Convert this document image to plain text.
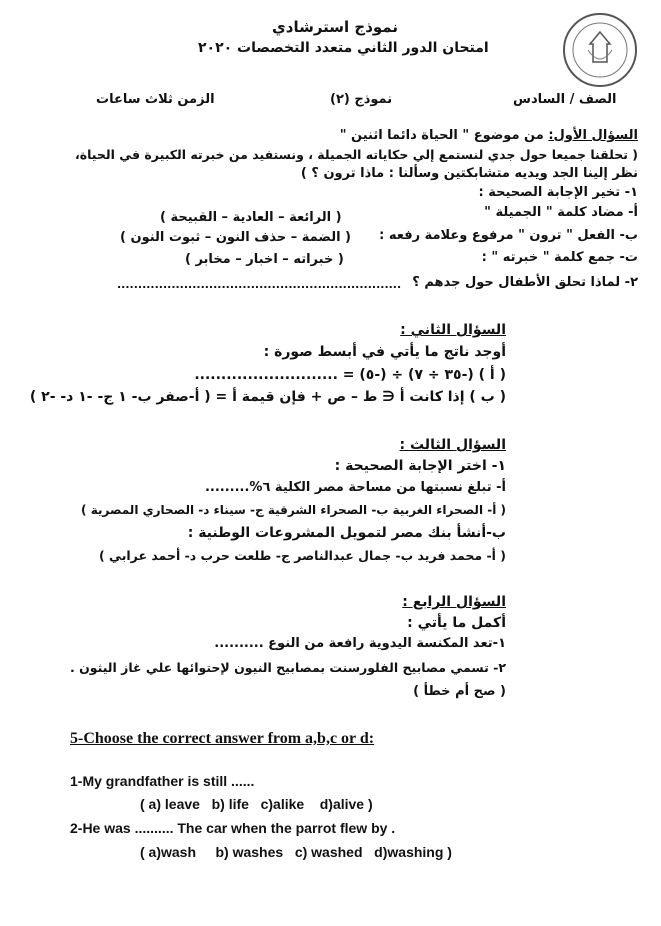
نموذج استرشادي
امتحان الدور الثاني متعدد التخصصات ٢٠٢٠
الصف / السادس
نموذج (٢)
الزمن ثلاث ساعات
السؤال الأول: من موضوع " الحياة دائما اثنين "
( تحلقنا جميعا حول جدي لنستمع إلي حكاياته الجميلة ، ونستفيد من خبرته الكبيرة في الحياة،
نظر إلينا الجد ويديه متشابكتين وسألنا : ماذا ترون ؟ )
١- تخير الإجابة الصحيحة :
أ- مضاد كلمة " الجميلة "
( الرائعة – العادية – القبيحة )
ب- الفعل " ترون " مرفوع وعلامة رفعه :
( الضمة – حذف النون – ثبوت النون )
ت- جمع كلمة " خبرته " :
( خبراته – اخبار – مخابر )
٢- لماذا تحلق الأطفال حول جدهم ؟
....................................................................
السؤال الثاني :
أوجد ناتج ما يأتي في أبسط صورة :
( أ ) (-٣٥ ÷ ٧) ÷ (-٥) = ...........................
( ب ) إذا كانت أ ∈ ط – ص + فإن قيمة أ = ( أ-صفر ب- ١ ج- -١ د- -٢ )
السؤال الثالث :
١- اختر الإجابة الصحيحة :
أ- تبلغ نسبتها من مساحة مصر الكلية ٦%.........
( أ- الصحراء الغربية ب- الصحراء الشرقية ج- سيناء د- الصحاري المصرية )
ب-أنشأ بنك مصر لتمويل المشروعات الوطنية :
( أ- محمد فريد ب- جمال عبدالناصر ج- طلعت حرب د- أحمد عرابي )
السؤال الرابع :
أكمل ما يأتي :
١-تعد المكنسة اليدوية رافعة من النوع ..........
٢- تسمي مصابيح الفلورسنت بمصابيح النيون لإحتوائها علي غاز اليثون .
( صح أم خطأ )
5-Choose the correct answer from a,b,c or d:
1-My grandfather is still ......
( a) leave   b) life   c)alike    d)alive )
2-He was .......... The car when the parrot flew by .
( a)wash     b) washes   c) washed   d)washing )
